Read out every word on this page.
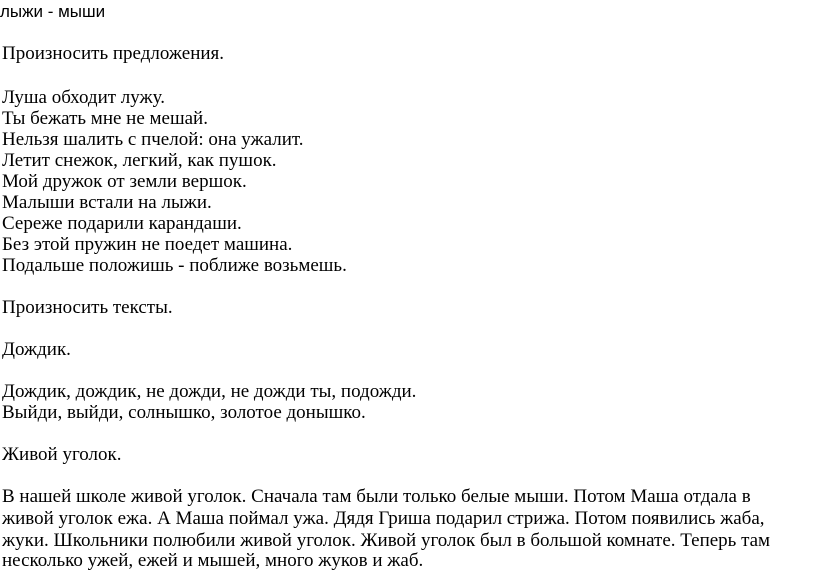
лыжи - мыши

Произносить предложения.

Луша обходит лужу.

Ты бежать мне не мешай.

Нельзя шалить с пчелой: она ужалит.

Летит снежок, легкий, как пушок.

Мой дружок от земли вершок.

Малыши встали на лыжи.

Сереже подарили карандаши.

Без этой пружин не поедет машина.

Подальше положишь - поближе возьмешь.

Произносить тексты.

Дождик.

Дождик, дождик, не дожди, не дожди ты, подожди.

Выйди, выйди, солнышко, золотое донышко.

Живой уголок.

В нашей школе живой уголок. Сначала там были только белые мыши. Потом Маша отдала в

живой уголок ежа. А Маша поймал ужа. Дядя Гриша подарил стрижа. Потом появились жаба,

жуки. Школьники полюбили живой уголок. Живой уголок был в большой комнате. Теперь там

несколько ужей, ежей и мышей, много жуков и жаб.
